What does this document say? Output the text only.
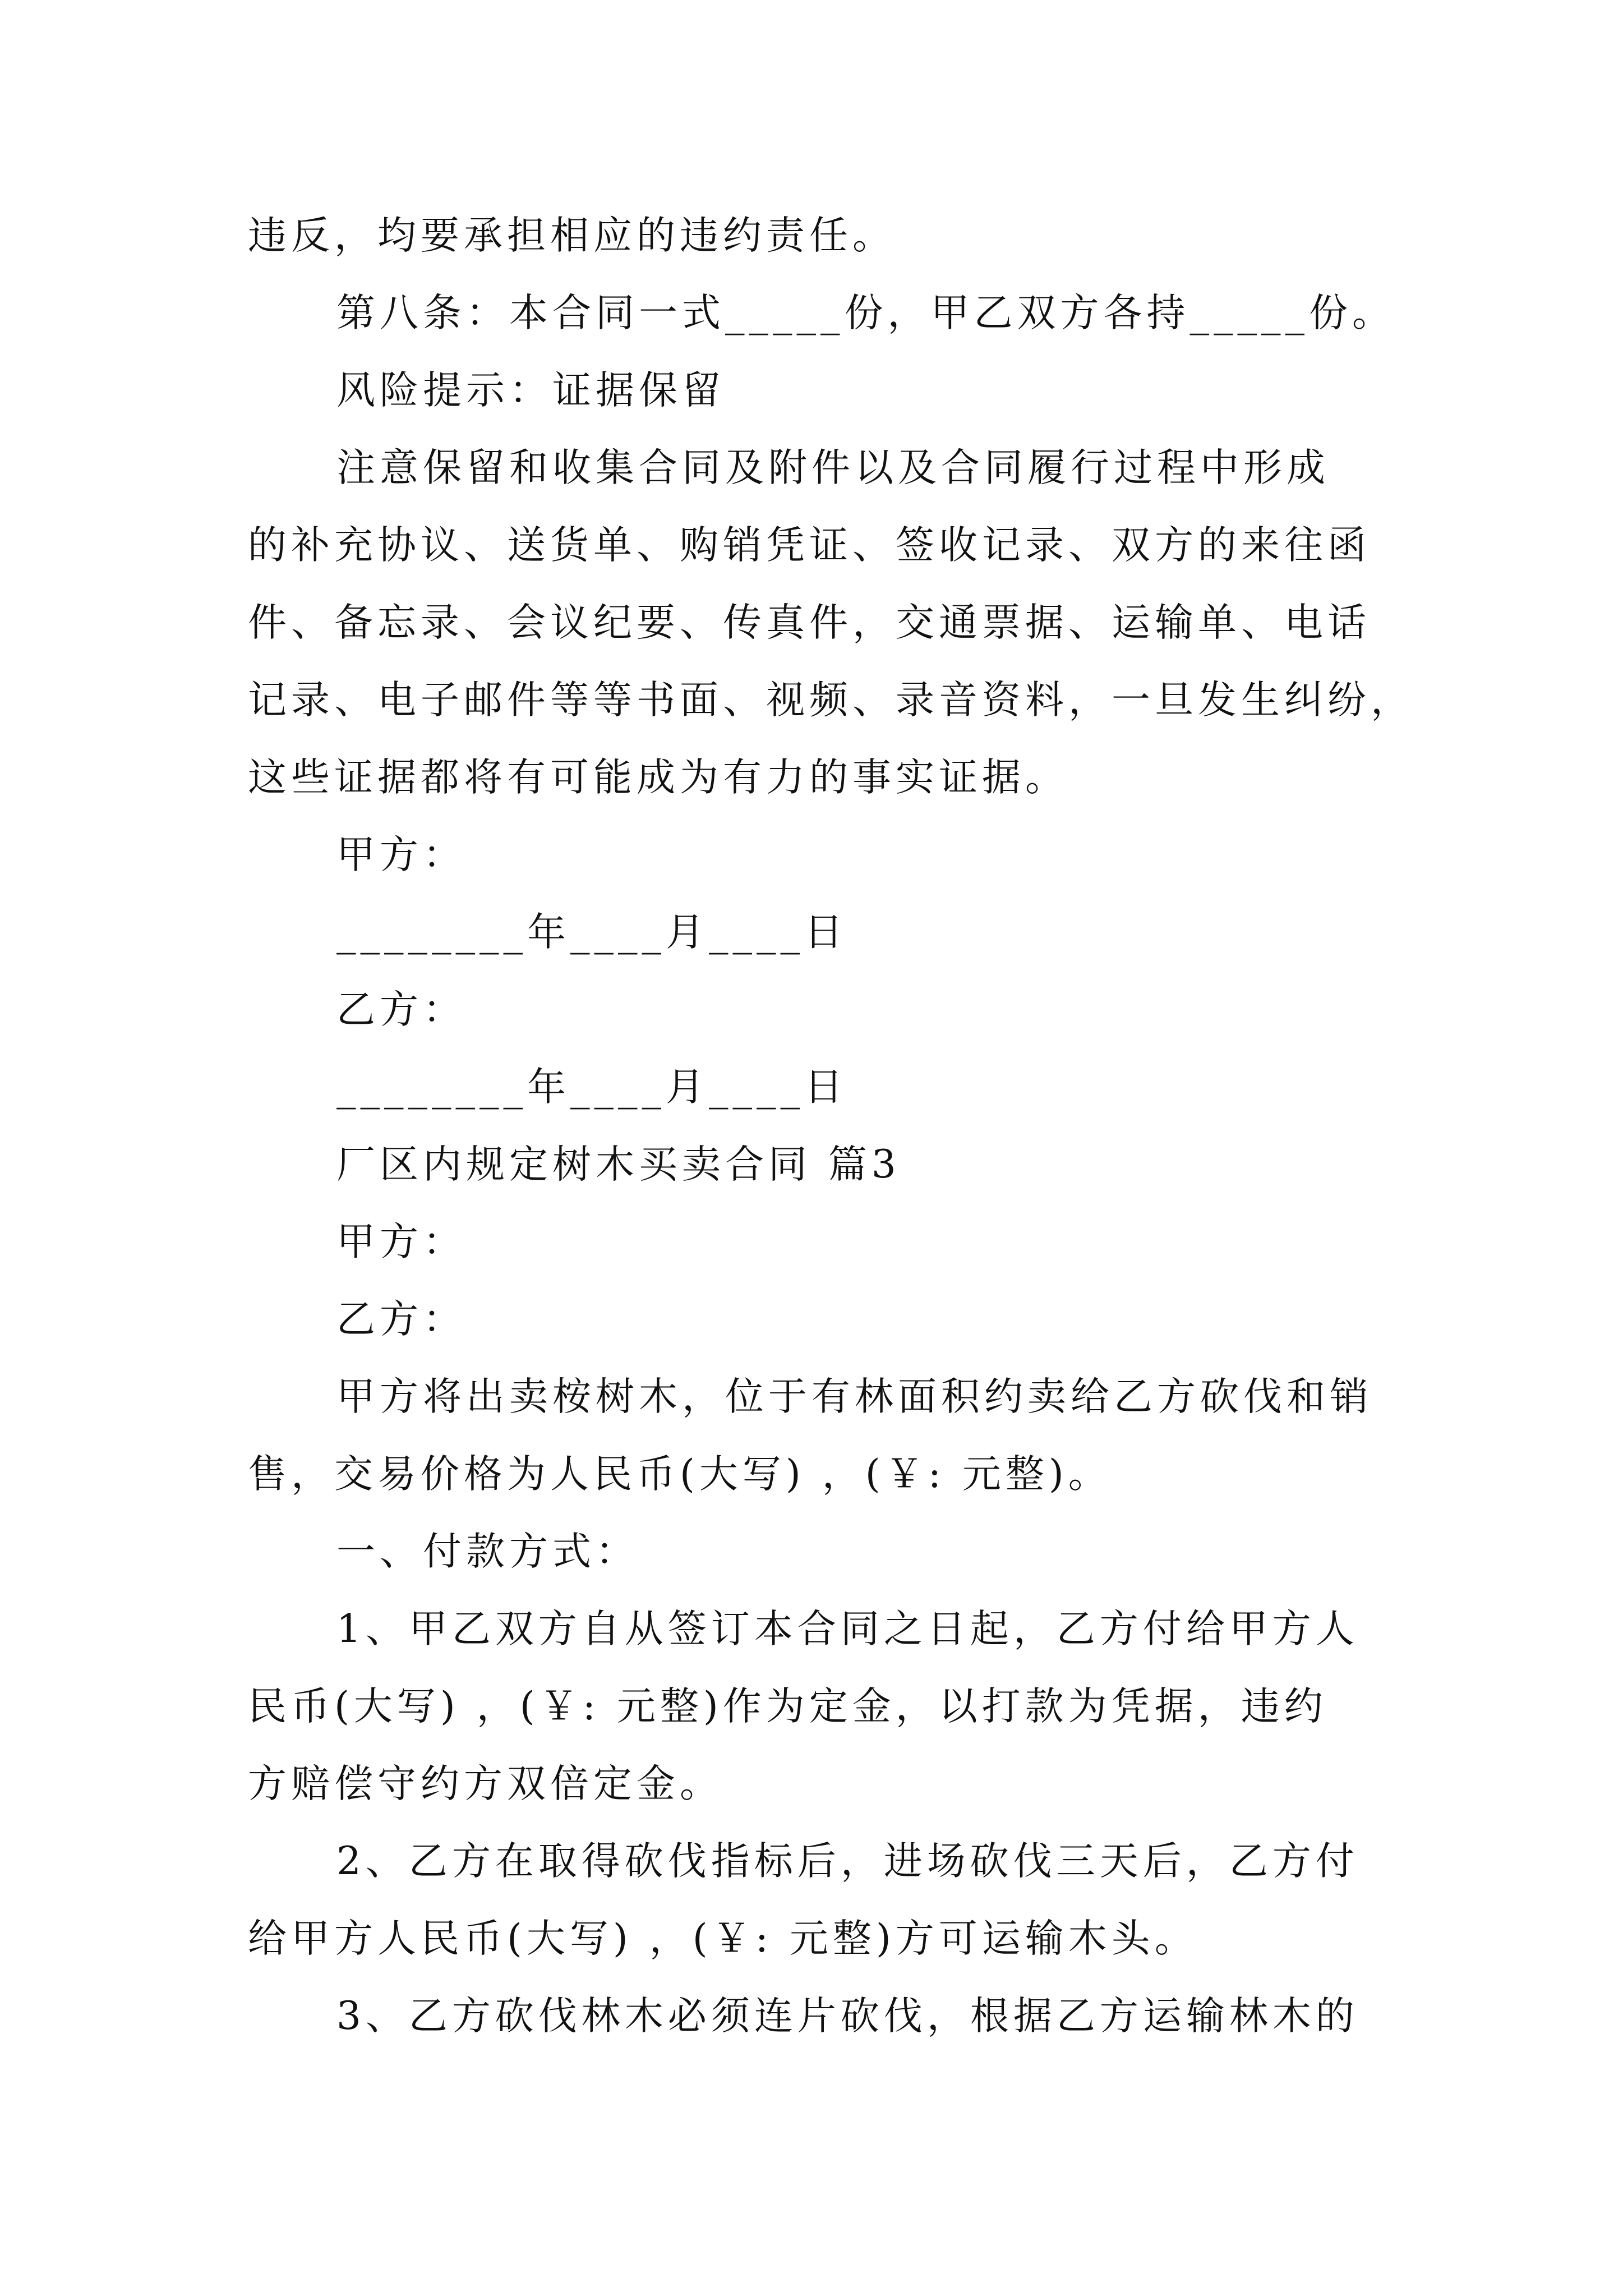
违反，均要承担相应的违约责任。
第八条：本合同一式_____份，甲乙双方各持_____份。
风险提示：证据保留
注意保留和收集合同及附件以及合同履行过程中形成
的补充协议、送货单、购销凭证、签收记录、双方的来往函
件、备忘录、会议纪要、传真件，交通票据、运输单、电话
记录、电子邮件等等书面、视频、录音资料，一旦发生纠纷，
这些证据都将有可能成为有力的事实证据。
甲方：
________年____月____日
乙方：
________年____月____日
厂区内规定树木买卖合同 篇3
甲方：
乙方：
甲方将出卖桉树木，位于有林面积约卖给乙方砍伐和销
售，交易价格为人民币(大写) ，(￥: 元整)。
一、付款方式：
1、甲乙双方自从签订本合同之日起，乙方付给甲方人
民币(大写) ，(￥: 元整)作为定金，以打款为凭据，违约
方赔偿守约方双倍定金。
2、乙方在取得砍伐指标后，进场砍伐三天后，乙方付
给甲方人民币(大写) ，(￥: 元整)方可运输木头。
3、乙方砍伐林木必须连片砍伐，根据乙方运输林木的
